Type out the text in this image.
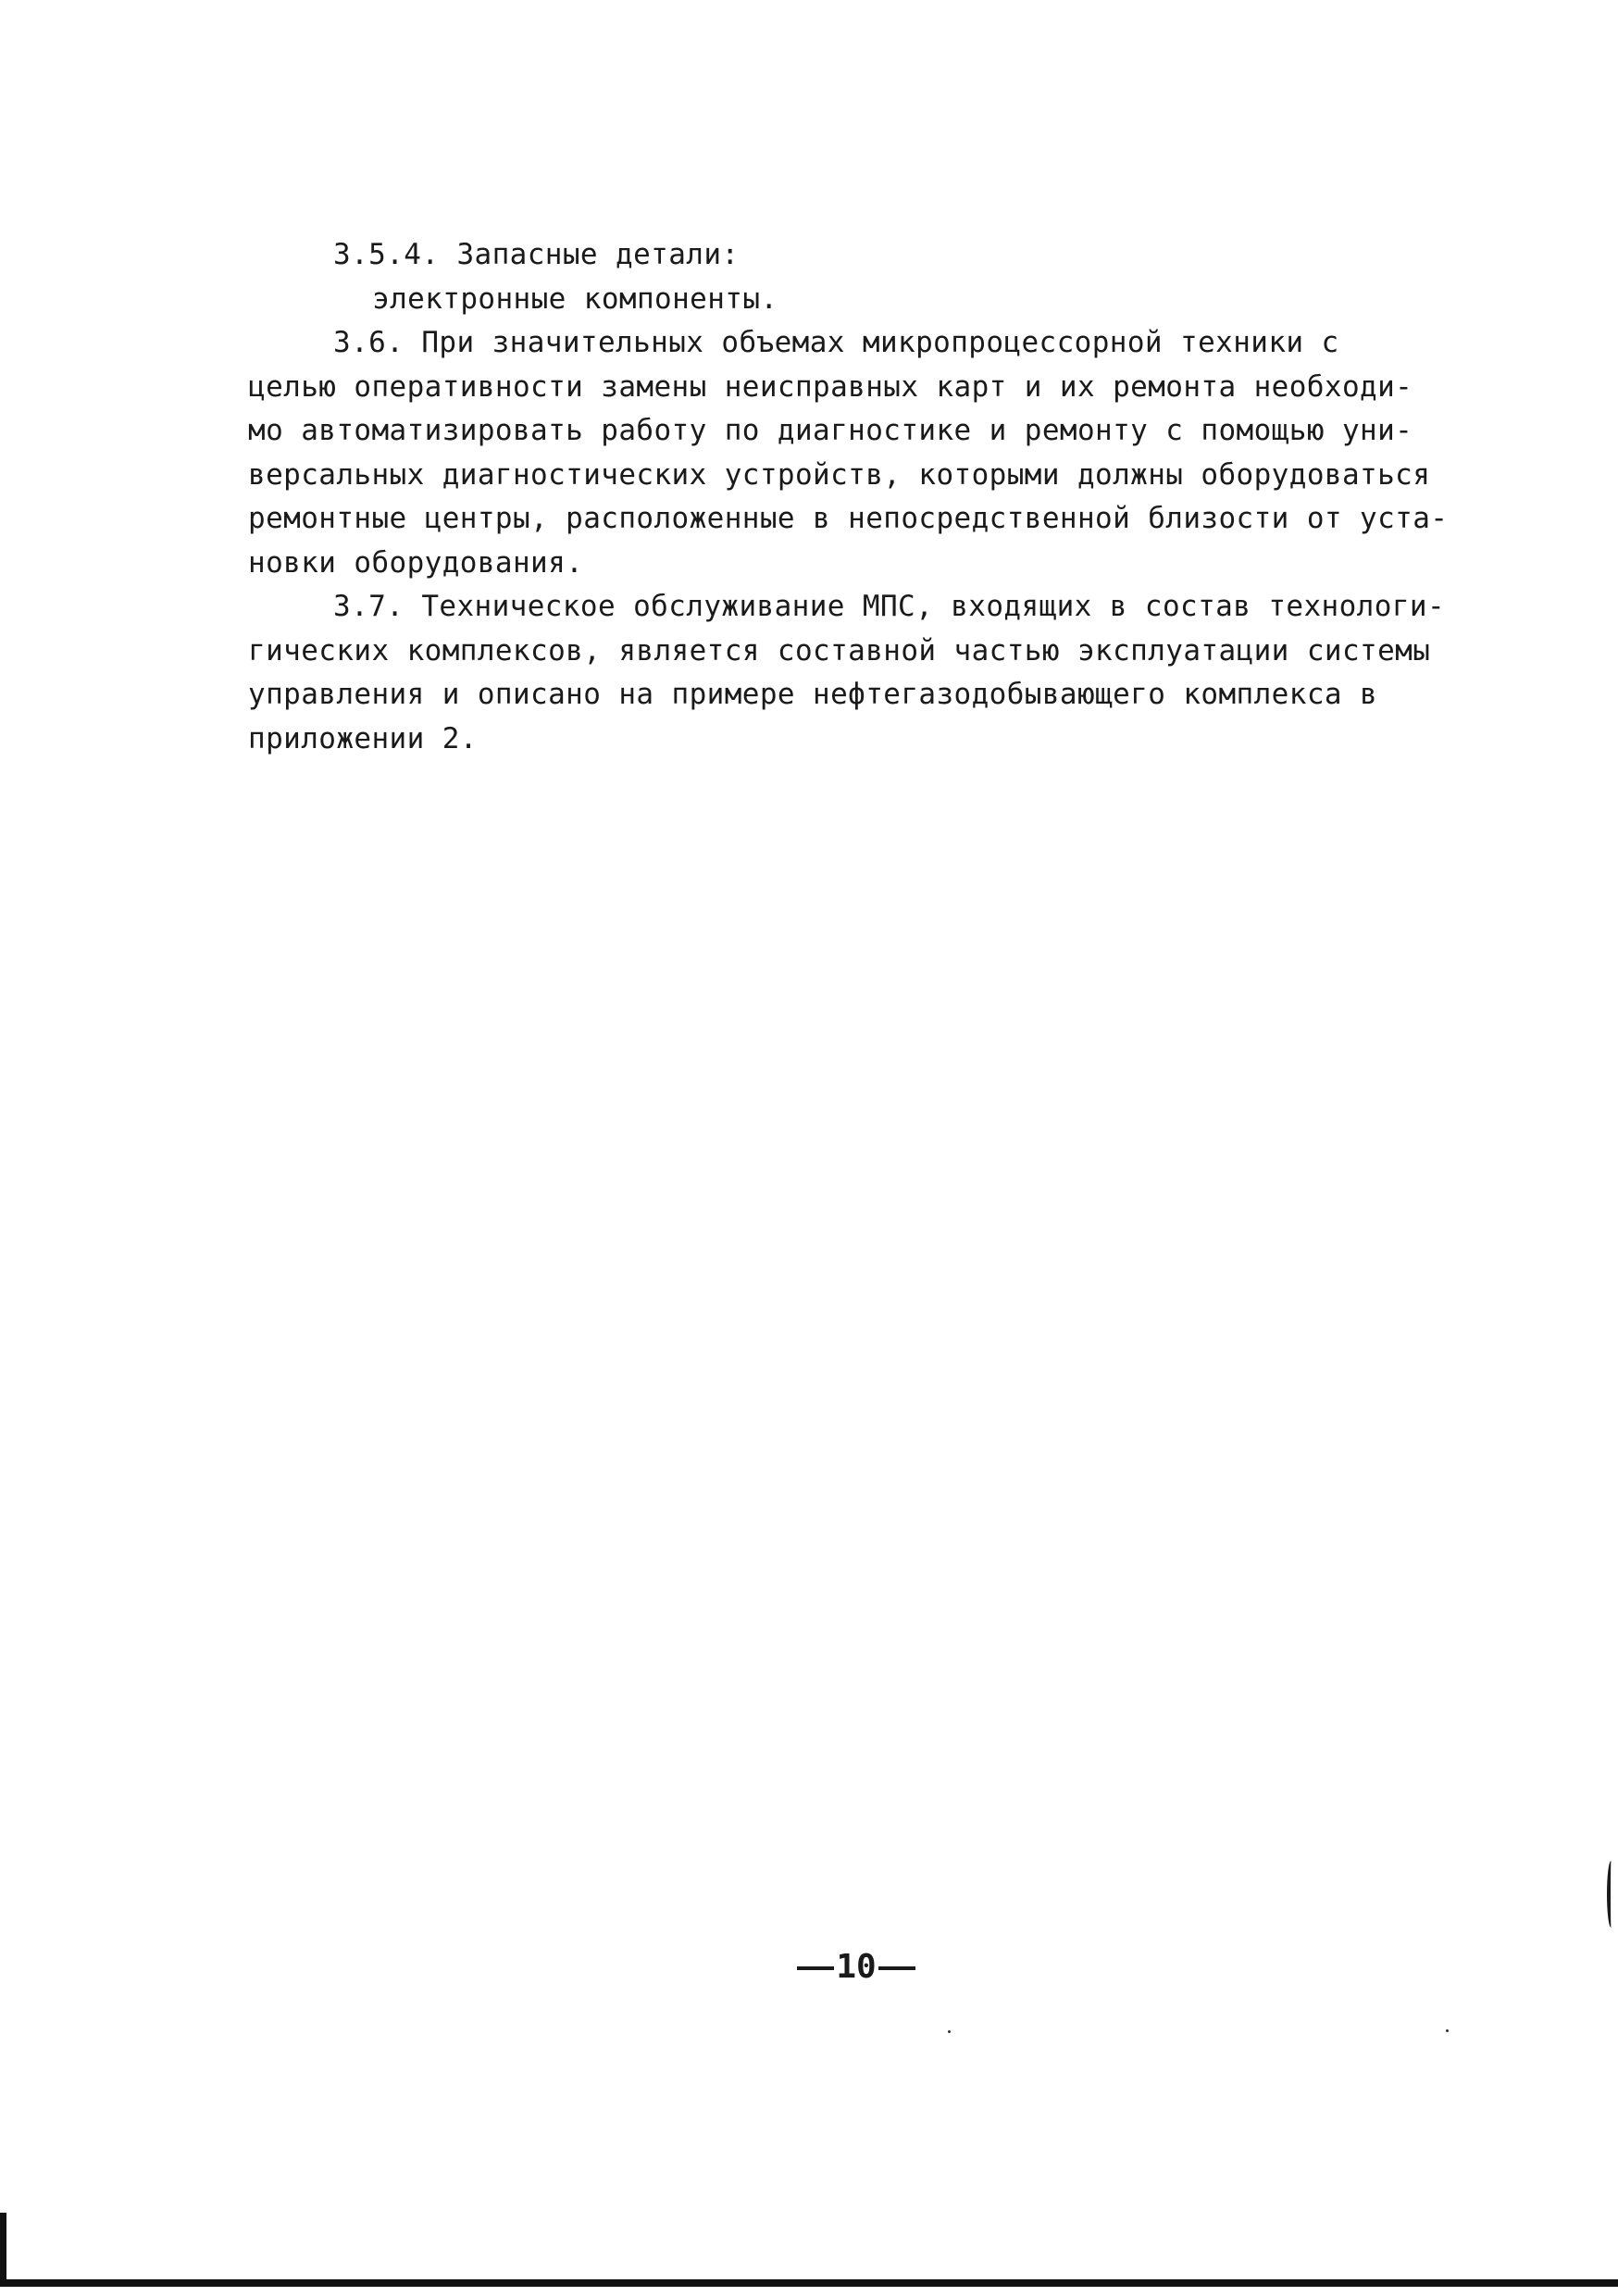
3.5.4. Запасные детали:
электронные компоненты.
3.6. При значительных объемах микропроцессорной техники с
целью оперативности замены неисправных карт и их ремонта необходи-
мо автоматизировать работу по диагностике и ремонту с помощью уни-
версальных диагностических устройств, которыми должны оборудоваться
ремонтные центры, расположенные в непосредственной близости от уста-
новки оборудования.
3.7. Техническое обслуживание МПС, входящих в состав технологи-
гических комплексов, является составной частью эксплуатации системы
управления и описано на примере нефтегазодобывающего комплекса в
приложении 2.
10
